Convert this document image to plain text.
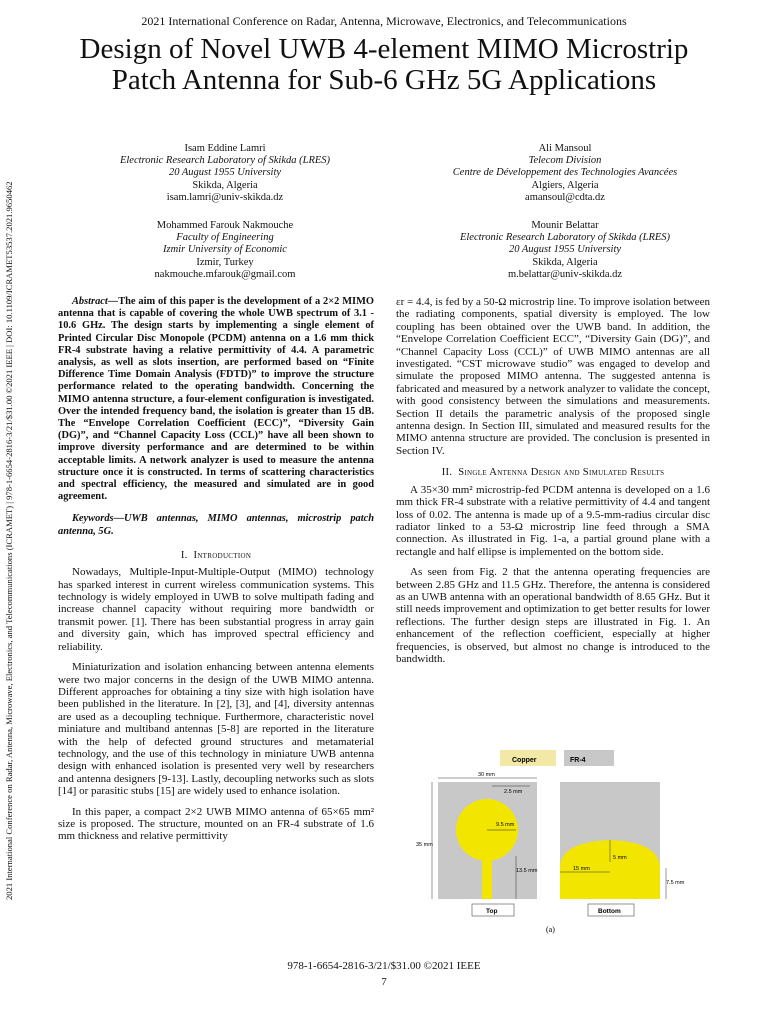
2021 International Conference on Radar, Antenna, Microwave, Electronics, and Telecommunications
Design of Novel UWB 4-element MIMO Microstrip
Patch Antenna for Sub-6 GHz 5G Applications
2021 International Conference on Radar, Antenna, Microwave, Electronics, and Telecommunications (ICRAMET) | 978-1-6654-2816-3/21/$31.00 ©2021 IEEE | DOI: 10.1109/ICRAMET53537.2021.9650462
Isam Eddine Lamri
Electronic Research Laboratory of Skikda (LRES)
20 August 1955 University
Skikda, Algeria
isam.lamri@univ-skikda.dz
Ali Mansoul
Telecom Division
Centre de Développement des Technologies Avancées
Algiers, Algeria
amansoul@cdta.dz
Mohammed Farouk Nakmouche
Faculty of Engineering
Izmir University of Economic
Izmir, Turkey
nakmouche.mfarouk@gmail.com
Mounir Belattar
Electronic Research Laboratory of Skikda (LRES)
20 August 1955 University
Skikda, Algeria
m.belattar@univ-skikda.dz

Abstract—The aim of this paper is the development of a 2×2 MIMO antenna that is capable of covering the whole UWB spectrum of 3.1 - 10.6 GHz. The design starts by implementing a single element of Printed Circular Disc Monopole (PCDM) antenna on a 1.6 mm thick FR-4 substrate having a relative permittivity of 4.4. A parametric analysis, as well as slots insertion, are performed based on “Finite Difference Time Domain Analysis (FDTD)” to improve the structure performance related to the operating bandwidth. Concerning the MIMO antenna structure, a four-element configuration is investigated. Over the intended frequency band, the isolation is greater than 15 dB. The “Envelope Correlation Coefficient (ECC)”, “Diversity Gain (DG)”, and “Channel Capacity Loss (CCL)” have all been shown to improve diversity performance and are determined to be within acceptable limits. A network analyzer is used to measure the antenna structure once it is constructed. In terms of scattering characteristics and spectral efficiency, the measured and simulated are in good agreement.

Keywords—UWB antennas, MIMO antennas, microstrip patch antenna, 5G.

I. Introduction

Nowadays, Multiple-Input-Multiple-Output (MIMO) technology has sparked interest in current wireless communication systems. This technology is widely employed in UWB to solve multipath fading and increase channel capacity without requiring more bandwidth or transmit power. [1]. There has been substantial progress in array gain and diversity gain, which has improved spectral efficiency and reliability.

Miniaturization and isolation enhancing between antenna elements were two major concerns in the design of the UWB MIMO antenna. Different approaches for obtaining a tiny size with high isolation have been published in the literature. In [2], [3], and [4], diversity antennas are used as a decoupling technique. Furthermore, characteristic novel miniature and multiband antennas [5-8] are reported in the literature with the help of defected ground structures and metamaterial technology, and the use of this technology in miniature UWB antenna design with enhanced isolation is presented very well by researchers and antenna designers [9-13]. Lastly, decoupling networks such as slots [14] or parasitic stubs [15] are widely used to enhance isolation.

In this paper, a compact 2×2 UWB MIMO antenna of 65×65 mm² size is proposed. The structure, mounted on an FR-4 substrate of 1.6 mm thickness and relative permittivity

εr = 4.4, is fed by a 50-Ω microstrip line. To improve isolation between the radiating components, spatial diversity is employed. The low coupling has been obtained over the UWB band. In addition, the “Envelope Correlation Coefficient ECC”, “Diversity Gain (DG)”, and “Channel Capacity Loss (CCL)” of UWB MIMO antennas are all investigated. “CST microwave studio” was engaged to develop and simulate the proposed MIMO antenna. The suggested antenna is fabricated and measured by a network analyzer to validate the concept, with good consistency between the simulations and measurements. Section II details the parametric analysis of the proposed single antenna design. In Section III, simulated and measured results for the MIMO antenna structure are provided. The conclusion is presented in Section IV.

II. Single Antenna Design and Simulated Results

A 35×30 mm² microstrip-fed PCDM antenna is developed on a 1.6 mm thick FR-4 substrate with a relative permittivity of 4.4 and tangent loss of 0.02. The antenna is made up of a 9.5-mm-radius circular disc radiator linked to a 53-Ω microstrip line feed through a SMA connection. As illustrated in Fig. 1-a, a partial ground plane with a rectangle and half ellipse is implemented on the bottom side.

As seen from Fig. 2 that the antenna operating frequencies are between 2.85 GHz and 11.5 GHz. Therefore, the antenna is considered as an UWB antenna with an operational bandwidth of 8.65 GHz. But it still needs improvement and optimization to get better results for lower reflections. The further design steps are illustrated in Fig. 1. An enhancement of the reflection coefficient, especially at higher frequencies, is observed, but almost no change is introduced to the bandwidth.

Copper	FR-4
30 mm
9.5 mm
2.5 mm
35 mm
13.5 mm
Top
5 mm
15 mm
7.5 mm
Bottom
(a)
978-1-6654-2816-3/21/$31.00 ©2021 IEEE
7
